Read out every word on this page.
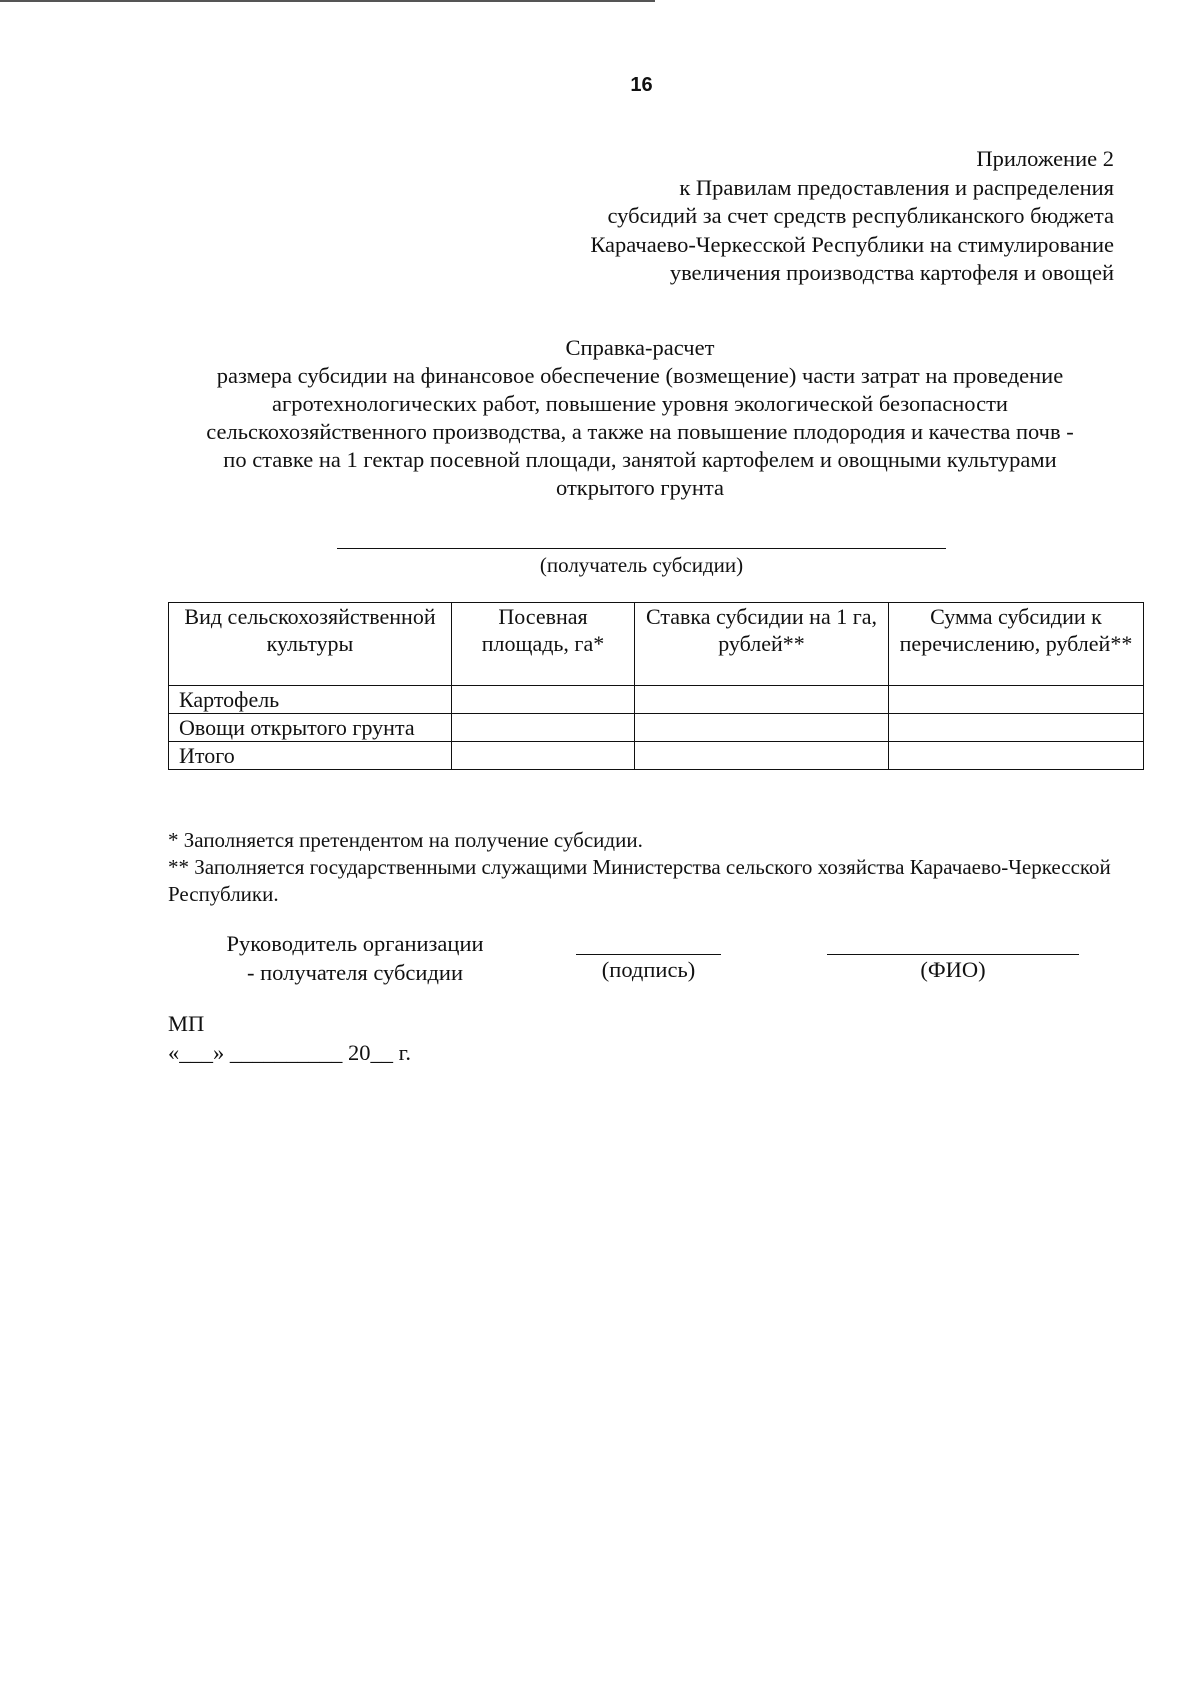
16
Приложение 2
к Правилам предоставления и распределения
субсидий за счет средств республиканского бюджета
Карачаево-Черкесской Республики на стимулирование
увеличения производства картофеля и овощей
Справка-расчет
размера субсидии на финансовое обеспечение (возмещение) части затрат на проведение
агротехнологических работ, повышение уровня экологической безопасности
сельскохозяйственного производства, а также на повышение плодородия и качества почв -
по ставке на 1 гектар посевной площади, занятой картофелем и овощными культурами
открытого грунта
(получатель субсидии)
Вид сельскохозяйственной культуры	Посевная площадь, га*	Ставка субсидии на 1 га, рублей**	Сумма субсидии к перечислению, рублей**
Картофель			
Овощи открытого грунта			
Итого			
* Заполняется претендентом на получение субсидии.
** Заполняется государственными служащими Министерства сельского хозяйства Карачаево-Черкесской Республики.
Руководитель организации
- получателя субсидии	(подпись)	(ФИО)
МП
«___» __________ 20__ г.
